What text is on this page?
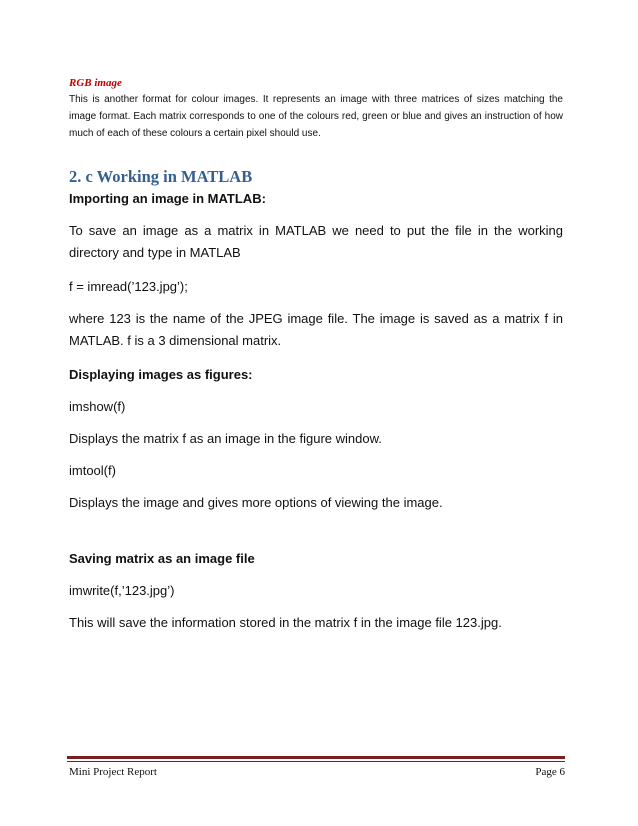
RGB image

This is another format for colour images. It represents an image with three matrices of sizes matching the image format. Each matrix corresponds to one of the colours red, green or blue and gives an instruction of how much of each of these colours a certain pixel should use.

2. c Working in MATLAB
Importing an image in MATLAB:

To save an image as a matrix in MATLAB we need to put the file in the working directory and type in MATLAB

f = imread(’123.jpg’);

where 123 is the name of the JPEG image file. The image is saved as a matrix f in MATLAB. f is a 3 dimensional matrix.

Displaying images as figures:

imshow(f)

Displays the matrix f as an image in the figure window.

imtool(f)

Displays the image and gives more options of viewing the image.

Saving matrix as an image file

imwrite(f,’123.jpg’)

This will save the information stored in the matrix f in the image file 123.jpg.

Mini Project Report	Page 6
